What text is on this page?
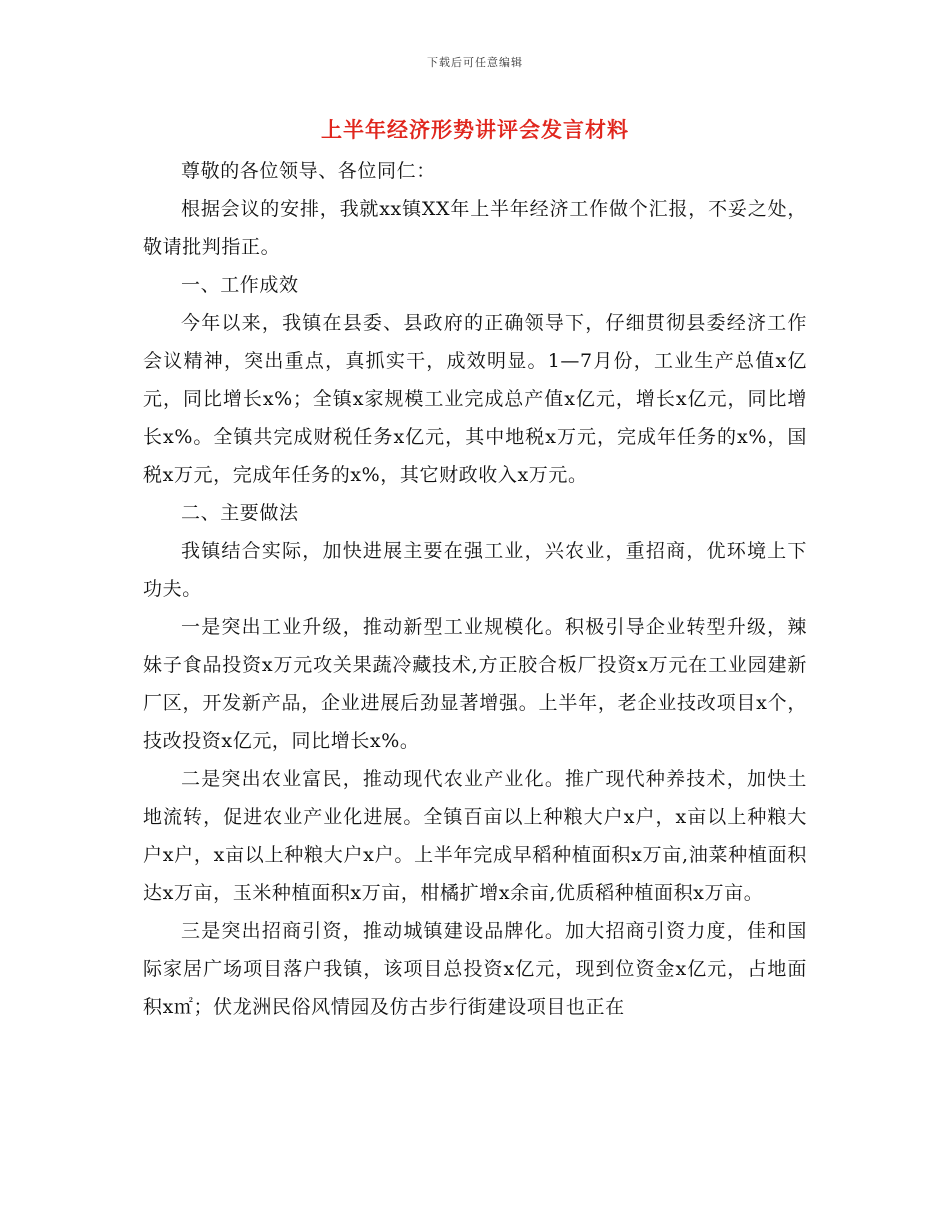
下载后可任意编辑
上半年经济形势讲评会发言材料

尊敬的各位领导、各位同仁：

根据会议的安排，我就xx镇XX年上半年经济工作做个汇报，不妥之处，敬请批判指正。

一、工作成效

今年以来，我镇在县委、县政府的正确领导下，仔细贯彻县委经济工作会议精神，突出重点，真抓实干，成效明显。1—7月份，工业生产总值x亿元，同比增长x%；全镇x家规模工业完成总产值x亿元，增长x亿元，同比增长x%。全镇共完成财税任务x亿元，其中地税x万元，完成年任务的x%，国税x万元，完成年任务的x%，其它财政收入x万元。

二、主要做法

我镇结合实际，加快进展主要在强工业，兴农业，重招商，优环境上下功夫。

一是突出工业升级，推动新型工业规模化。积极引导企业转型升级，辣妹子食品投资x万元攻关果蔬冷藏技术,方正胶合板厂投资x万元在工业园建新厂区，开发新产品，企业进展后劲显著增强。上半年，老企业技改项目x个，技改投资x亿元，同比增长x%。

二是突出农业富民，推动现代农业产业化。推广现代种养技术，加快土地流转，促进农业产业化进展。全镇百亩以上种粮大户x户，x亩以上种粮大户x户，x亩以上种粮大户x户。上半年完成早稻种植面积x万亩,油菜种植面积达x万亩，玉米种植面积x万亩，柑橘扩增x余亩,优质稻种植面积x万亩。

三是突出招商引资，推动城镇建设品牌化。加大招商引资力度，佳和国际家居广场项目落户我镇，该项目总投资x亿元，现到位资金x亿元，占地面积x㎡；伏龙洲民俗风情园及仿古步行街建设项目也正在
